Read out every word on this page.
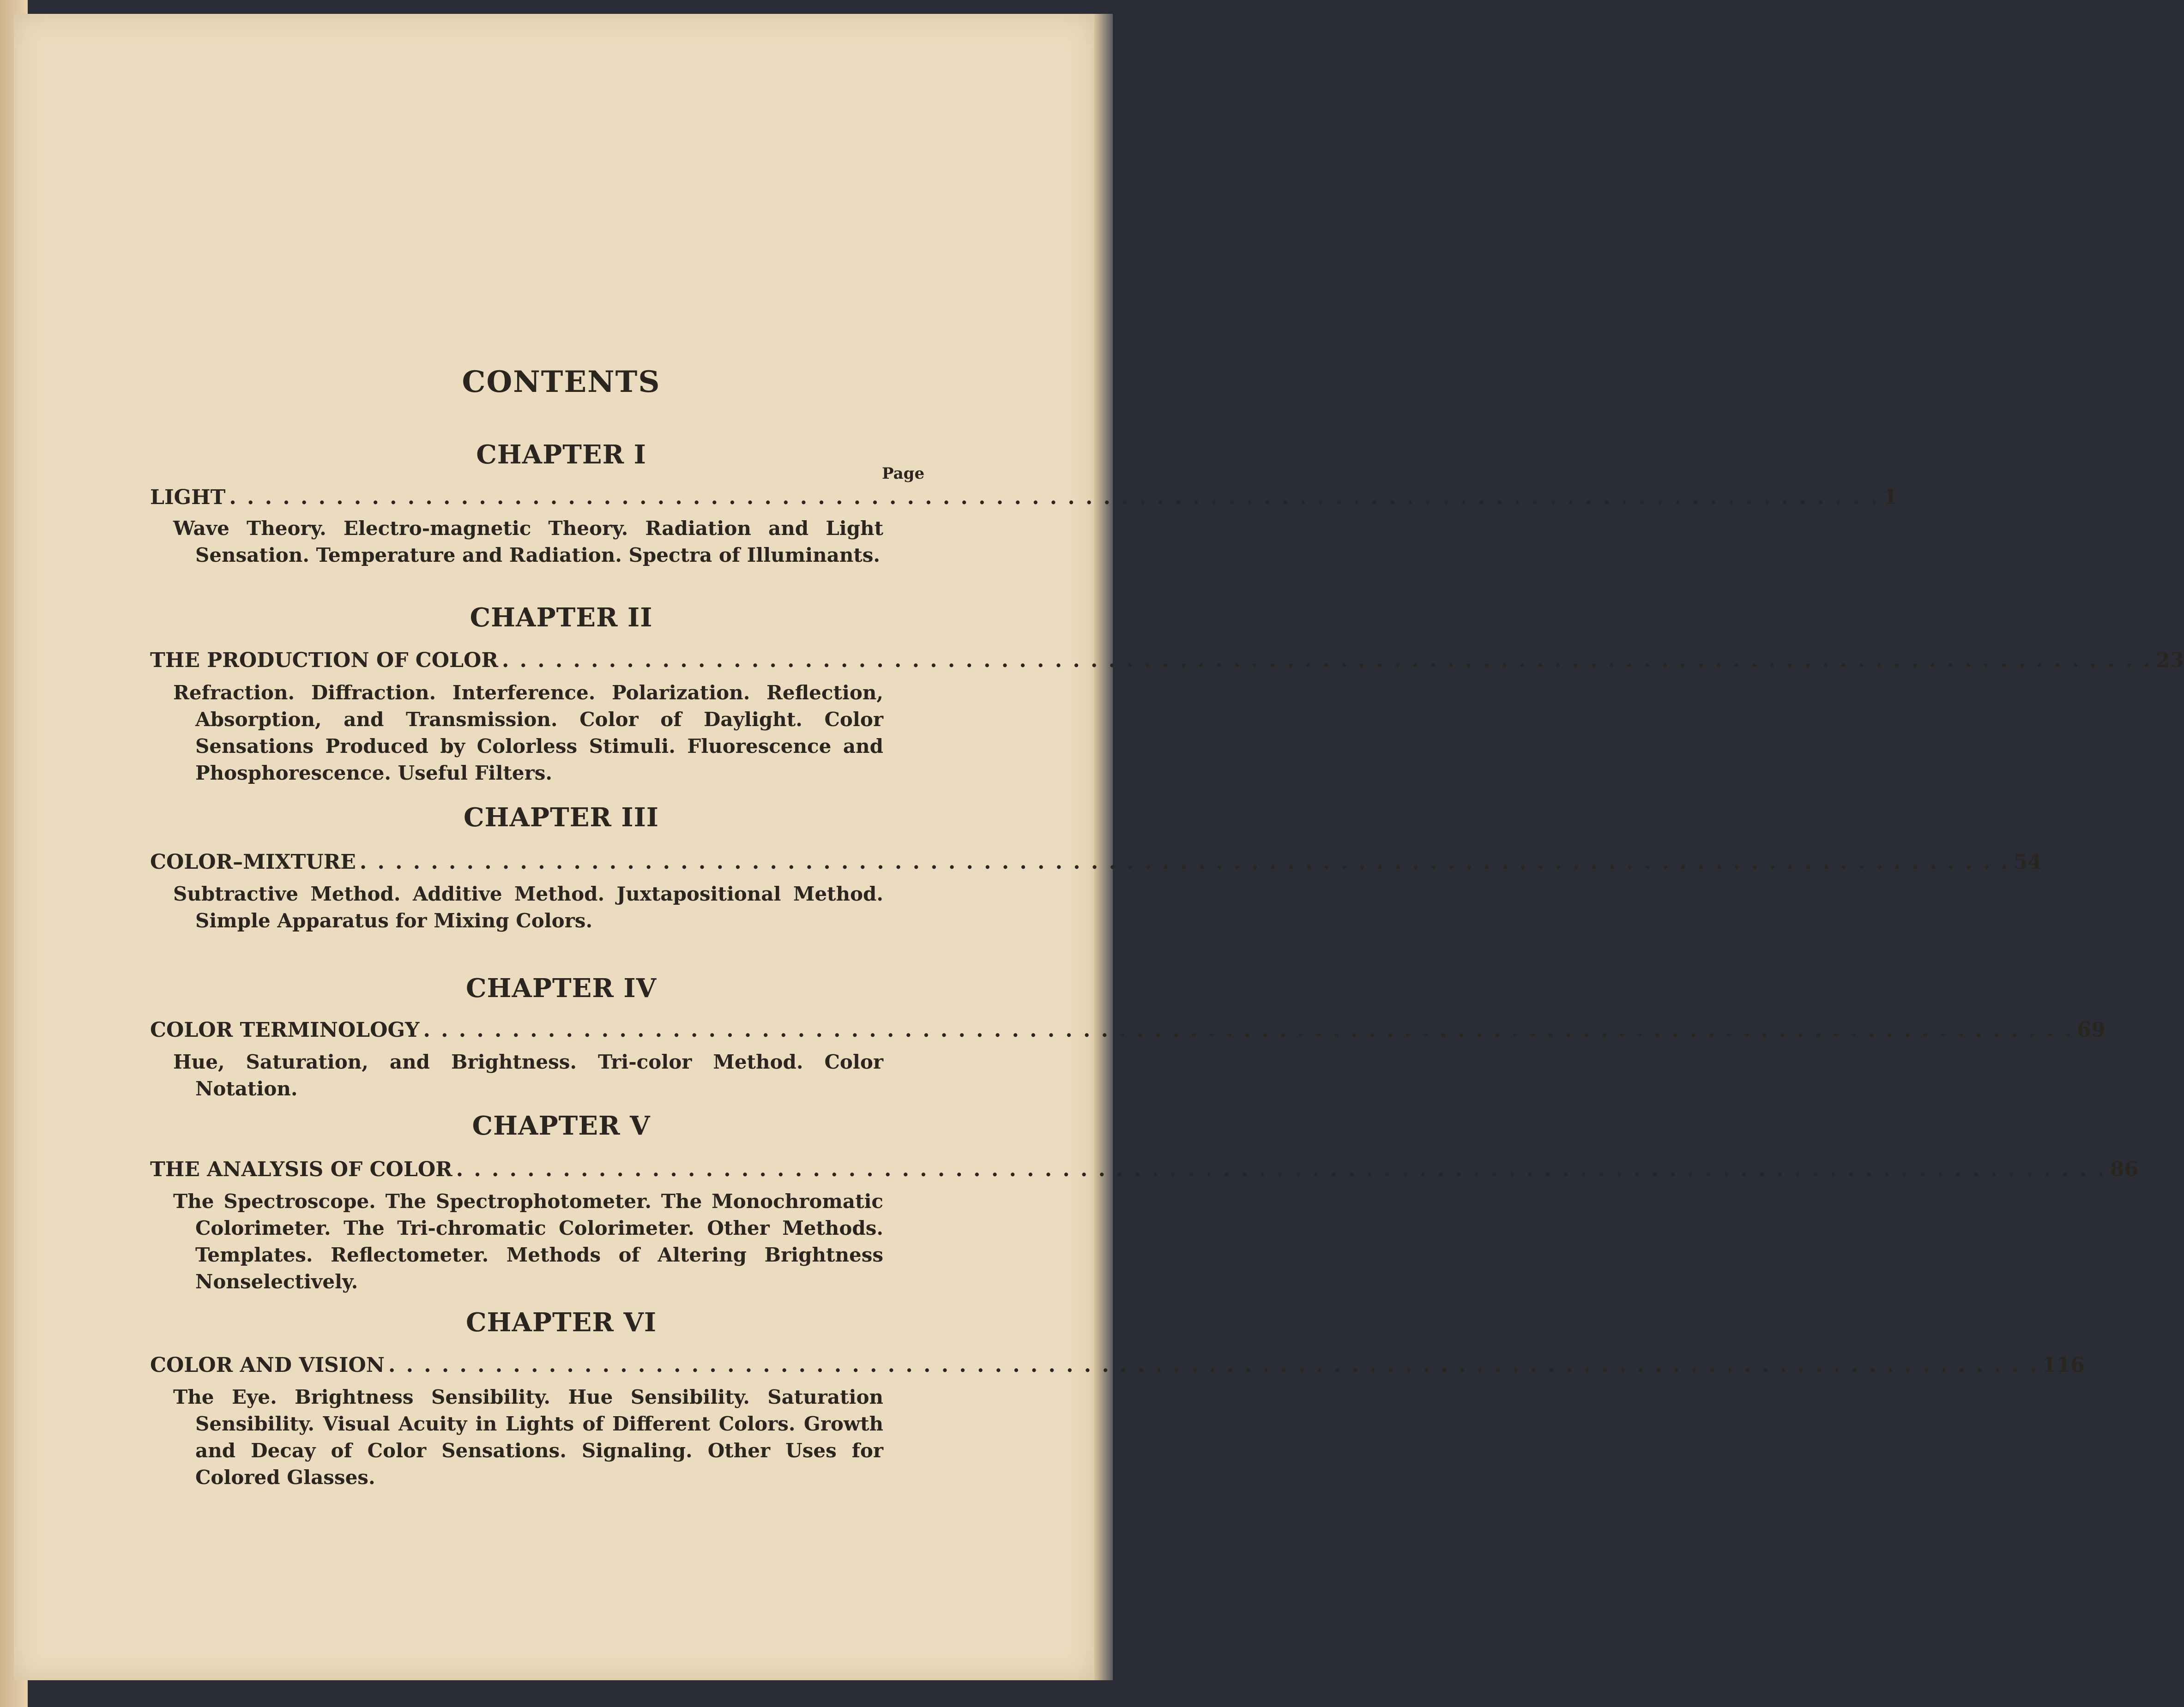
CONTENTS
Page
CHAPTER I
LIGHT . . . . . . . . . . . . . . . . . . . . . . . . . . . . . . . . . . . . . . . . . . . . . . . . . . . . . . . . . . . . . . . . . . . . . . . . . . . . . . . . . . . . . . . . . . . . . 1
Wave Theory. Electro-magnetic Theory. Radiation and Light Sensation. Temperature and Radiation. Spectra of Illuminants.
CHAPTER II
THE PRODUCTION OF COLOR . . . . . . . . . . . . . . . . . . . . . . . . . . . . . . . . . . . . . . . . . . . . . . . . . . . . . . . . . . . . . . . . . . . . . . . . . . . . . . . . . . . . . . . . . . . . . 23
Refraction. Diffraction. Interference. Polarization. Reflection, Absorption, and Transmission. Color of Daylight. Color Sensations Produced by Colorless Stimuli. Fluorescence and Phosphorescence. Useful Filters.
CHAPTER III
COLOR–MIXTURE . . . . . . . . . . . . . . . . . . . . . . . . . . . . . . . . . . . . . . . . . . . . . . . . . . . . . . . . . . . . . . . . . . . . . . . . . . . . . . . . . . . . . . . . . . . . . 54
Subtractive Method. Additive Method. Juxtapositional Method. Simple Apparatus for Mixing Colors.
CHAPTER IV
COLOR TERMINOLOGY . . . . . . . . . . . . . . . . . . . . . . . . . . . . . . . . . . . . . . . . . . . . . . . . . . . . . . . . . . . . . . . . . . . . . . . . . . . . . . . . . . . . . . . . . . . . . 69
Hue, Saturation, and Brightness. Tri-color Method. Color Notation.
CHAPTER V
THE ANALYSIS OF COLOR . . . . . . . . . . . . . . . . . . . . . . . . . . . . . . . . . . . . . . . . . . . . . . . . . . . . . . . . . . . . . . . . . . . . . . . . . . . . . . . . . . . . . . . . . . . . . 86
The Spectroscope. The Spectrophotometer. The Monochromatic Colorimeter. The Tri-chromatic Colorimeter. Other Methods. Templates. Reflectometer. Methods of Altering Brightness Nonselectively.
CHAPTER VI
COLOR AND VISION . . . . . . . . . . . . . . . . . . . . . . . . . . . . . . . . . . . . . . . . . . . . . . . . . . . . . . . . . . . . . . . . . . . . . . . . . . . . . . . . . . . . . . . . . . . . . 116
The Eye. Brightness Sensibility. Hue Sensibility. Saturation Sensibility. Visual Acuity in Lights of Different Colors. Growth and Decay of Color Sensations. Signaling. Other Uses for Colored Glasses.
